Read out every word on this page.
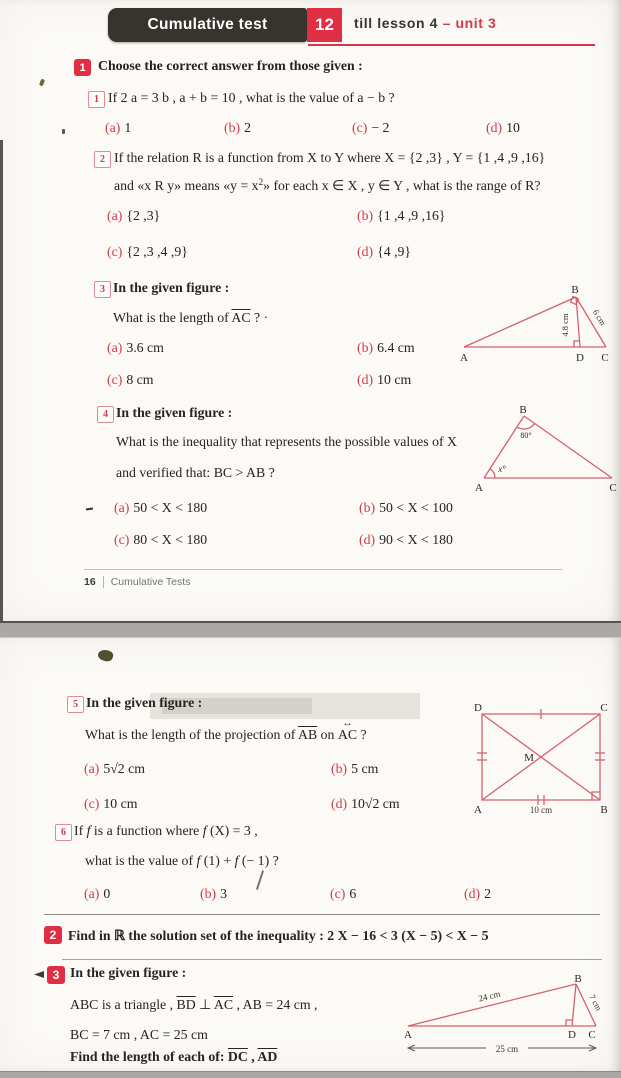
Cumulative test	12 till lesson 4 – unit 3
1 Choose the correct answer from those given :
1 If 2 a = 3 b , a + b = 10 , what is the value of a − b ?
(a) 1	(b) 2	(c) − 2	(d) 10
2 If the relation R is a function from X to Y where X = {2 ,3} , Y = {1 ,4 ,9 ,16}
and «x R y» means «$y = x^2$» for each x ∈ X , y ∈ Y , what is the range of R?
(a) {2 ,3}	(b) {1 ,4 ,9 ,16}
(c) {2 ,3 ,4 ,9}	(d) {4 ,9}
3 In the given figure :
What is the length of $\overline{AC}$ ? ·
(a) 3.6 cm	(b) 6.4 cm
(c) 8 cm	(d) 10 cm
B
A	D C
4.8 cm 6 cm
4 In the given figure :
What is the inequality that represents the possible values of X
and verified that: BC > AB ?
(a) 50 < X < 180	(b) 50 < X < 100
(c) 80 < X < 180	(d) 90 < X < 180
80°
x°
A
B
C
16 Cumulative Tests
5 In the given figure :
What is the length of the projection of $\overline{AB}$ on ↔ AC ?
(a) 5√2 cm	(b) 5 cm
(c) 10 cm	(d) 10√2 cm
D	C
M
A	B
10 cm
6 If f is a function where f (X) = 3 ,
what is the value of f (1) + f (− 1) ?
(a) 0	(b) 3	(c) 6	(d) 2
2 Find in ℝ the solution set of the inequality : 2 X − 16 < 3 (X − 5) < X − 5
3 In the given figure :
ABC is a triangle , $\overline{BD}$ ⊥ $\overline{AC}$ , AB = 24 cm ,
BC = 7 cm , AC = 25 cm
Find the length of each of: $\overline{DC}$ , $\overline{AD}$
B
A	D C
24 cm	7 cm
25 cm
